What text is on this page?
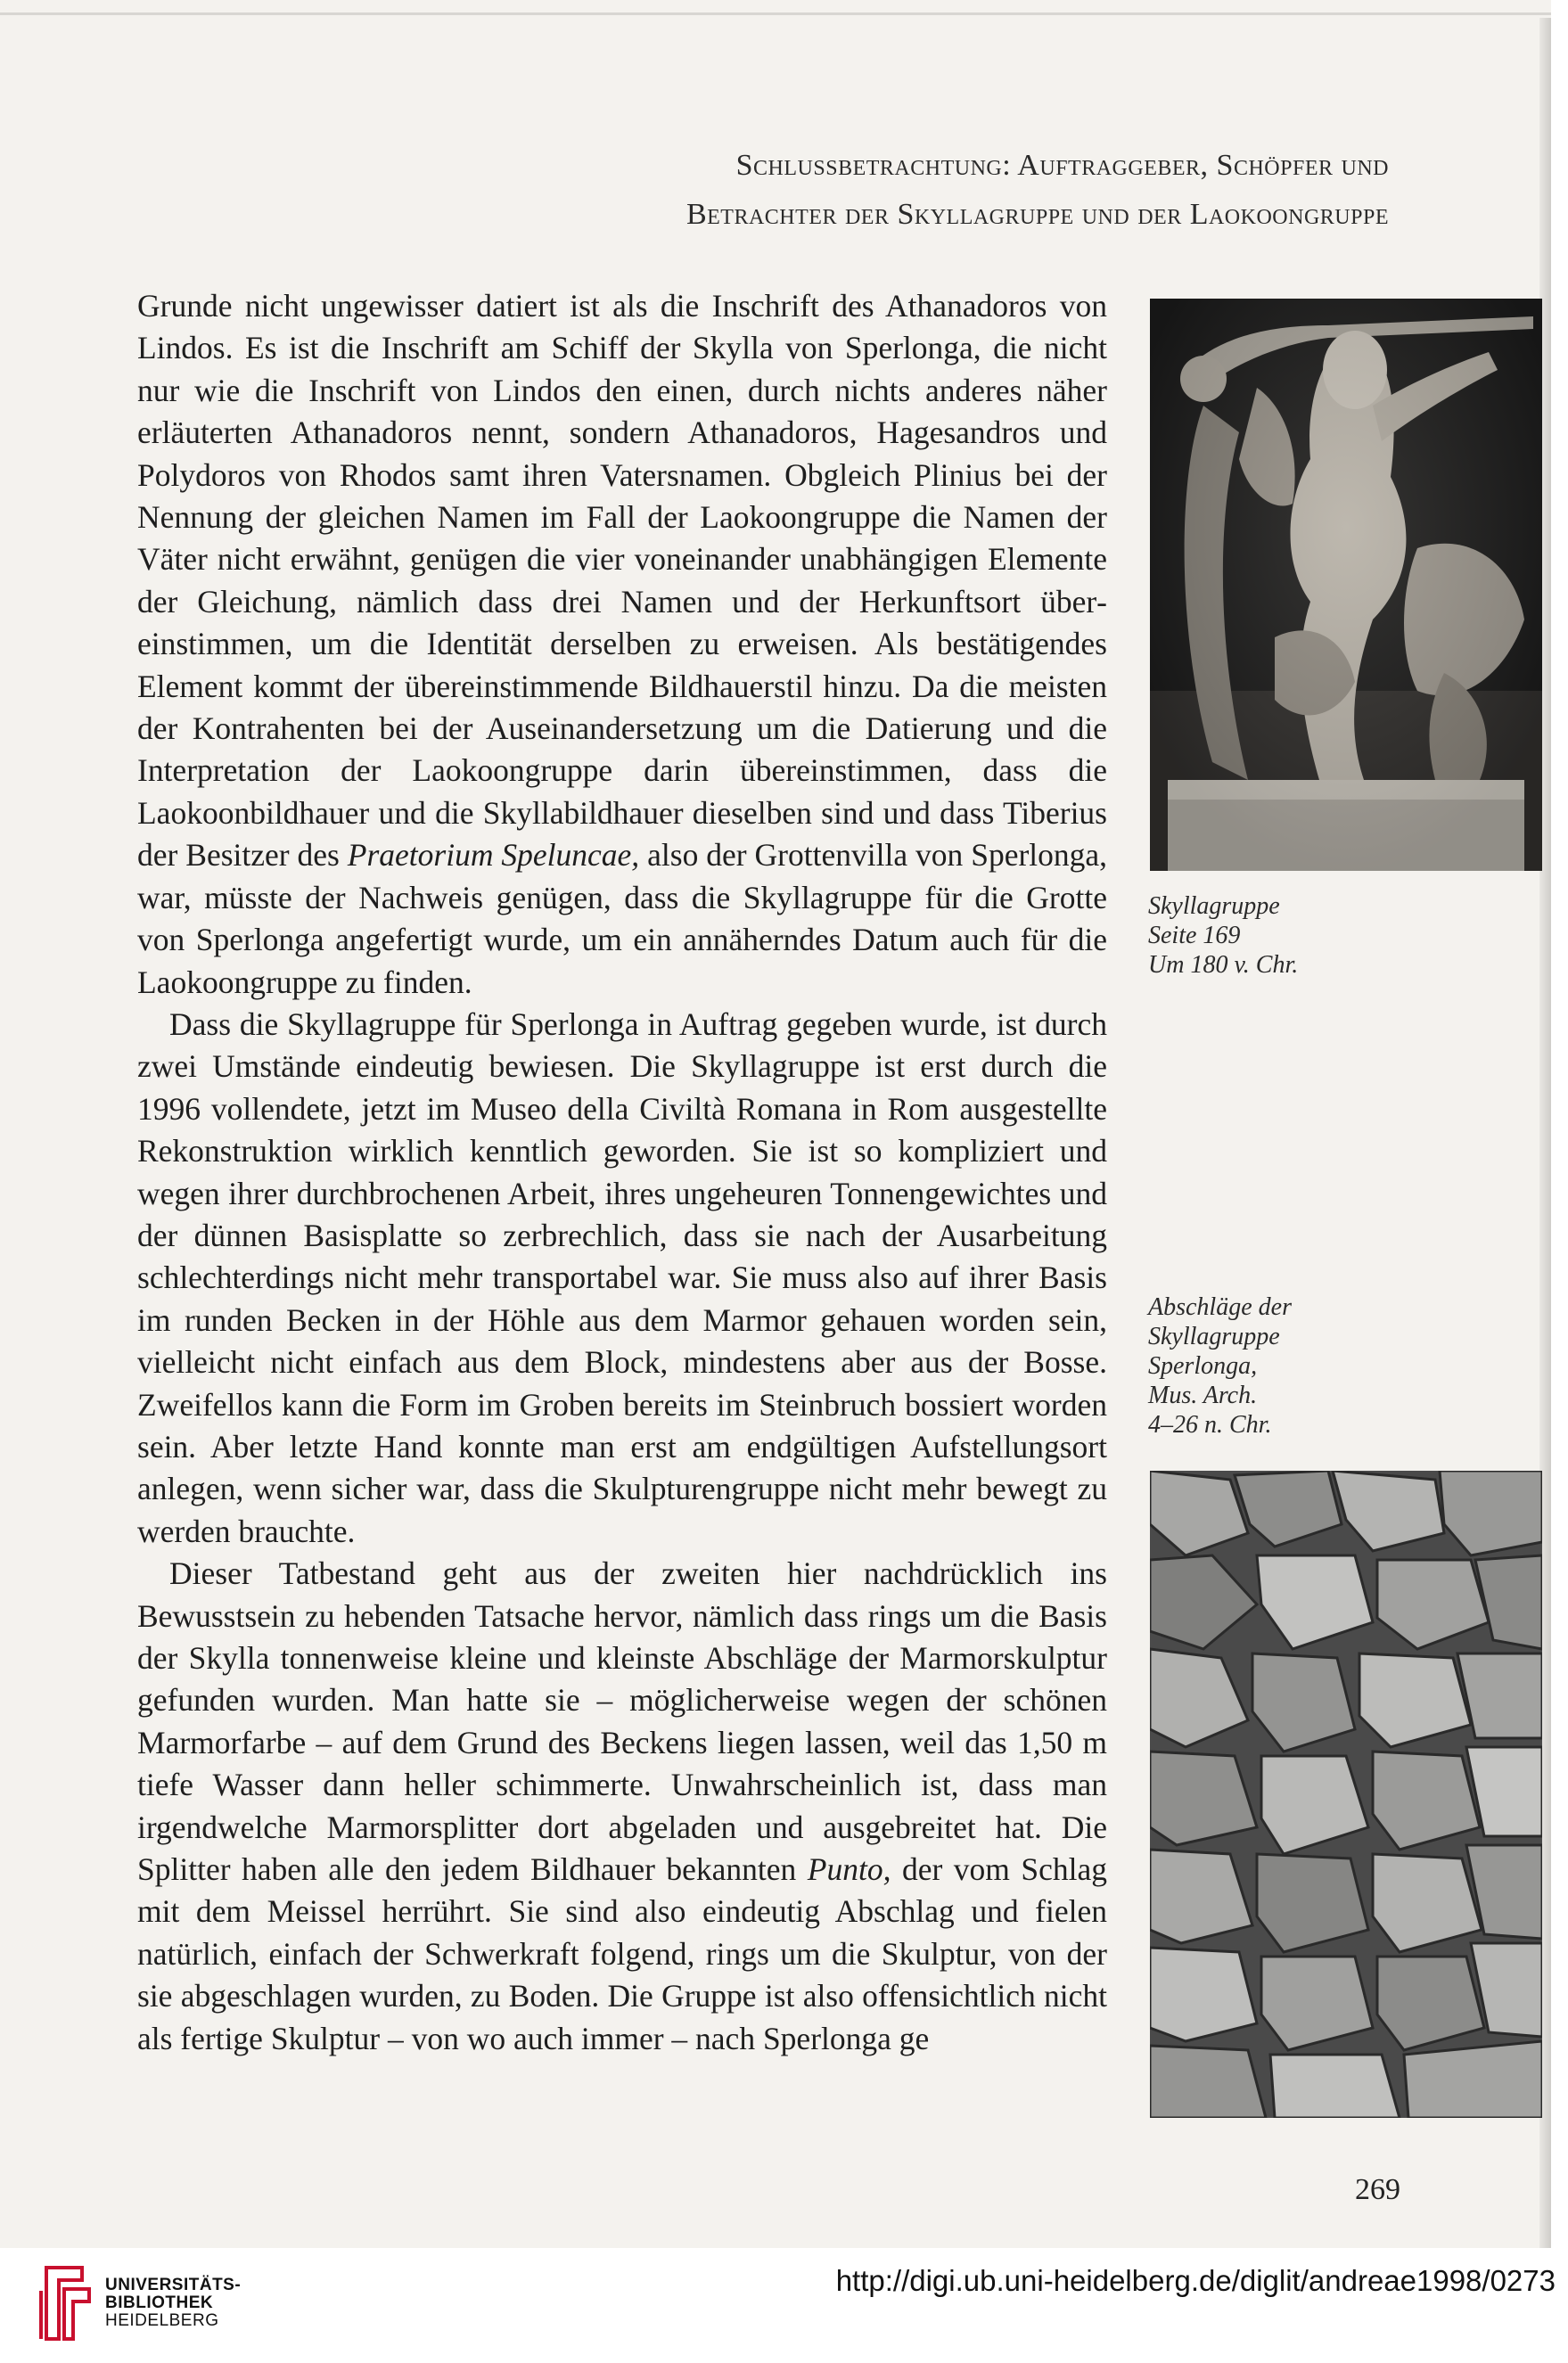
Schlussbetrachtung: Auftraggeber, Schöpfer und
Betrachter der Skyllagruppe und der Laokoongruppe

Grunde nicht ungewisser datiert ist als die Inschrift des Athanadoros von Lindos. Es ist die Inschrift am Schiff der Skylla von Sperlonga, die nicht nur wie die Inschrift von Lindos den einen, durch nichts anderes näher erläuterten Athanadoros nennt, sondern Athanadoros, Hagesandros und Polydoros von Rhodos samt ihren Vatersnamen. Obgleich Plinius bei der Nennung der gleichen Namen im Fall der Laokoongruppe die Namen der Väter nicht erwähnt, genügen die vier voneinander unabhängigen Elemente der Gleichung, nämlich dass drei Namen und der Herkunftsort übereinstimmen, um die Identität derselben zu erweisen. Als bestätigendes Element kommt der übereinstimmende Bildhauerstil hinzu. Da die meisten der Kontrahenten bei der Auseinandersetzung um die Datierung und die Interpretation der Laokoongruppe darin übereinstimmen, dass die Laokoonbildhauer und die Skyllabildhauer dieselben sind und dass Tiberius der Besitzer des Praetorium Speluncae, also der Grottenvilla von Sperlonga, war, müsste der Nachweis genügen, dass die Skyllagruppe für die Grotte von Sperlonga angefertigt wurde, um ein annäherndes Datum auch für die Laokoongruppe zu finden.

Dass die Skyllagruppe für Sperlonga in Auftrag gegeben wurde, ist durch zwei Umstände eindeutig bewiesen. Die Skyllagruppe ist erst durch die 1996 vollendete, jetzt im Museo della Civiltà Romana in Rom ausgestellte Rekonstruktion wirklich kenntlich geworden. Sie ist so kompliziert und wegen ihrer durchbrochenen Arbeit, ihres ungeheuren Tonnengewichtes und der dünnen Basisplatte so zerbrechlich, dass sie nach der Ausarbeitung schlechterdings nicht mehr transportabel war. Sie muss also auf ihrer Basis im runden Becken in der Höhle aus dem Marmor gehauen worden sein, vielleicht nicht einfach aus dem Block, mindestens aber aus der Bosse. Zweifellos kann die Form im Groben bereits im Steinbruch bossiert worden sein. Aber letzte Hand konnte man erst am endgültigen Aufstellungsort anlegen, wenn sicher war, dass die Skulpturengruppe nicht mehr bewegt zu werden brauchte.

Dieser Tatbestand geht aus der zweiten hier nachdrücklich ins Bewusstsein zu hebenden Tatsache hervor, nämlich dass rings um die Basis der Skylla tonnenweise kleine und kleinste Abschläge der Marmorskulptur gefunden wurden. Man hatte sie – möglicherweise wegen der schönen Marmorfarbe – auf dem Grund des Beckens liegen lassen, weil das 1,50 m tiefe Wasser dann heller schimmerte. Unwahrscheinlich ist, dass man irgendwelche Marmorsplitter dort abgeladen und ausgebreitet hat. Die Splitter haben alle den jedem Bildhauer bekannten Punto, der vom Schlag mit dem Meissel herrührt. Sie sind also eindeutig Abschlag und fielen natürlich, einfach der Schwerkraft folgend, rings um die Skulptur, von der sie abgeschlagen wurden, zu Boden. Die Gruppe ist also offensichtlich nicht als fertige Skulptur – von wo auch immer – nach Sperlonga ge

Skyllagruppe
Seite 169
Um 180 v. Chr.
Abschläge der
Skyllagruppe
Sperlonga,
Mus. Arch.
4–26 n. Chr.
269
UNIVERSITÄTS-
BIBLIOTHEK
HEIDELBERG
http://digi.ub.uni-heidelberg.de/diglit/andreae1998/0273
